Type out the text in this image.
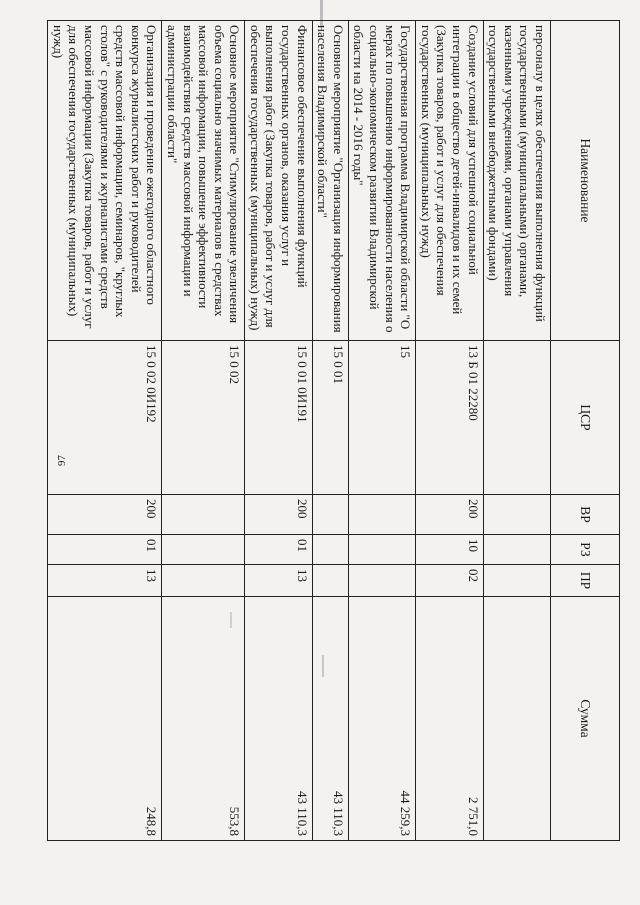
97
Наименование	ЦСР	ВР	РЗ	ПР	Сумма
персоналу в целях обеспечения выполнения функций государственными (муниципальными) органами, казенными учреждениями, органами управления государственными внебюджетными фондами)					
Создание условий для успешной социальной интеграции в общество детей-инвалидов и их семей (Закупка товаров, работ и услуг для обеспечения государственных (муниципальных) нужд)	13 Б 01 22280	200	10	02	2 751,0
Государственная программа Владимирской области "О мерах по повышению информированности населения о социально-экономическом развитии Владимирской области на 2014 - 2016 годы"	15				44 259,3
Основное мероприятие "Организация информирования населения Владимирской области"	15 0 01				43 110,3
Финансовое обеспечение выполнения функций государственных органов, оказания услуг и выполнения работ (Закупка товаров, работ и услуг для обеспечения государственных (муниципальных) нужд)	15 0 01 0И191	200	01	13	43 110,3
Основное мероприятие "Стимулирование увеличения объема социально значимых материалов в средствах массовой информации, повышение эффективности взаимодействия средств массовой информации и администрации области"	15 0 02				553,8
Организация и проведение ежегодного областного конкурса журналистских работ и руководителей средств массовой информации, семинаров, "круглых столов" с руководителями и журналистами средств массовой информации (Закупка товаров, работ и услуг для обеспечения государственных (муниципальных) нужд)	15 0 02 0И192	200	01	13	248,8
